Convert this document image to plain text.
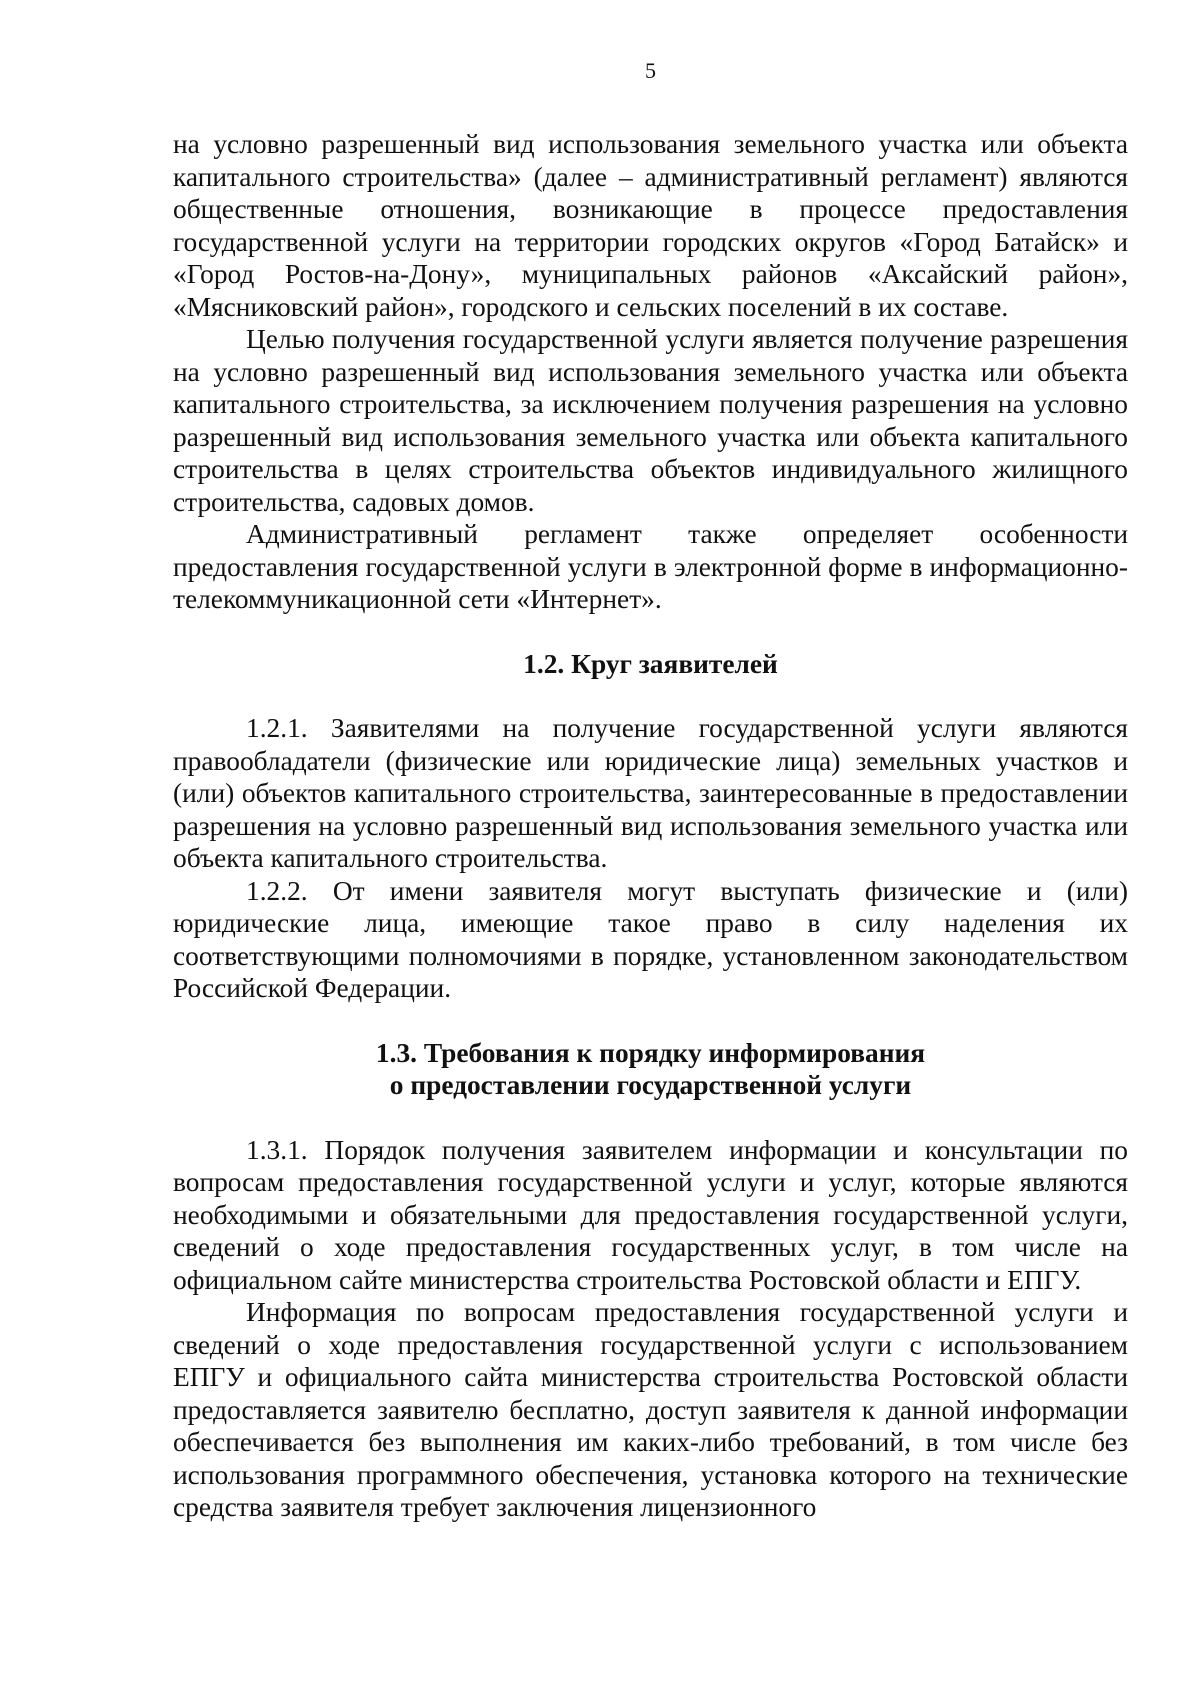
5

на условно разрешенный вид использования земельного участка или объекта капитального строительства» (далее – административный регламент) являются общественные отношения, возникающие в процессе предоставления государственной услуги на территории городских округов «Город Батайск» и «Город Ростов-на-Дону», муниципальных районов «Аксайский район», «Мясниковский район», городского и сельских поселений в их составе.

Целью получения государственной услуги является получение разрешения на условно разрешенный вид использования земельного участка или объекта капитального строительства, за исключением получения разрешения на условно разрешенный вид использования земельного участка или объекта капитального строительства в целях строительства объектов индивидуального жилищного строительства, садовых домов.

Административный регламент также определяет особенности предоставления государственной услуги в электронной форме в информационно-телекоммуникационной сети «Интернет».

1.2. Круг заявителей

1.2.1. Заявителями на получение государственной услуги являются правообладатели (физические или юридические лица) земельных участков и (или) объектов капитального строительства, заинтересованные в предоставлении разрешения на условно разрешенный вид использования земельного участка или объекта капитального строительства.

1.2.2. От имени заявителя могут выступать физические и (или) юридические лица, имеющие такое право в силу наделения их соответствующими полномочиями в порядке, установленном законодательством Российской Федерации.

1.3. Требования к порядку информирования
о предоставлении государственной услуги

1.3.1. Порядок получения заявителем информации и консультации по вопросам предоставления государственной услуги и услуг, которые являются необходимыми и обязательными для предоставления государственной услуги, сведений о ходе предоставления государственных услуг, в том числе на официальном сайте министерства строительства Ростовской области и ЕПГУ.

Информация по вопросам предоставления государственной услуги и сведений о ходе предоставления государственной услуги с использованием ЕПГУ и официального сайта министерства строительства Ростовской области предоставляется заявителю бесплатно, доступ заявителя к данной информации обеспечивается без выполнения им каких-либо требований, в том числе без использования программного обеспечения, установка которого на технические средства заявителя требует заключения лицензионного
